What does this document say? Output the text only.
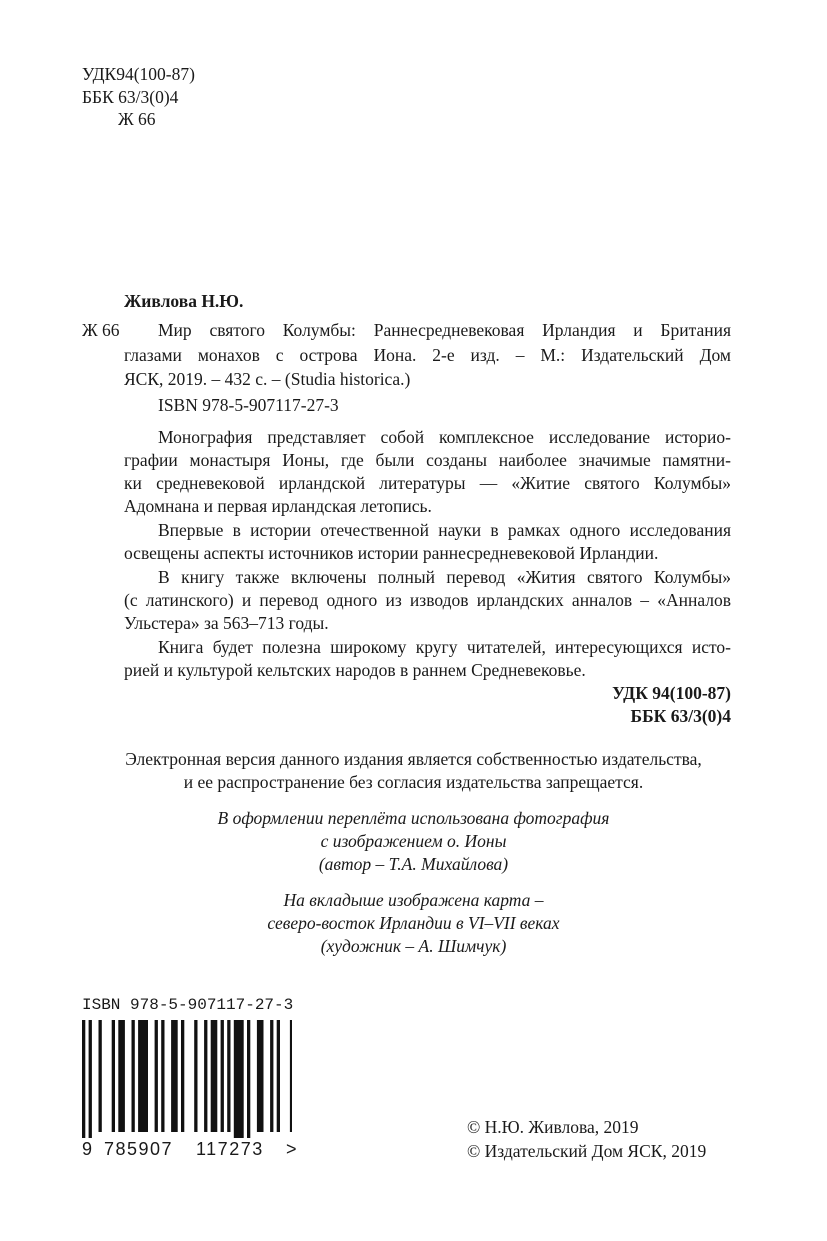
УДК94(100-87)
ББК 63/3(0)4
Ж 66
Живлова Н.Ю.
Ж 66 Мир святого Колумбы: Раннесредневековая Ирландия и Британия
глазами монахов с острова Иона. 2-е изд. – М.: Издательский Дом
ЯСК, 2019. – 432 с. – (Studia historica.)
ISBN 978-5-907117-27-3
Монография представляет собой комплексное исследование историо-
графии монастыря Ионы, где были созданы наиболее значимые памятни-
ки средневековой ирландской литературы — «Житие святого Колумбы»
Адомнана и первая ирландская летопись.
Впервые в истории отечественной науки в рамках одного исследования
освещены аспекты источников истории раннесредневековой Ирландии.
В книгу также включены полный перевод «Жития святого Колумбы»
(с латинского) и перевод одного из изводов ирландских анналов – «Анналов
Ульстера» за 563–713 годы.
Книга будет полезна широкому кругу читателей, интересующихся исто-
рией и культурой кельтских народов в раннем Средневековье.
УДК 94(100-87)
ББК 63/3(0)4
Электронная версия данного издания является собственностью издательства,
и ее распространение без согласия издательства запрещается.
В оформлении переплёта использована фотография
с изображением о. Ионы
(автор – Т.А. Михайлова)
На вкладыше изображена карта –
северо-восток Ирландии в VI–VII веках
(художник – А. Шимчук)
ISBN 978-5-907117-27-3
9 785907 117273 >
© Н.Ю. Живлова, 2019
© Издательский Дом ЯСК, 2019
